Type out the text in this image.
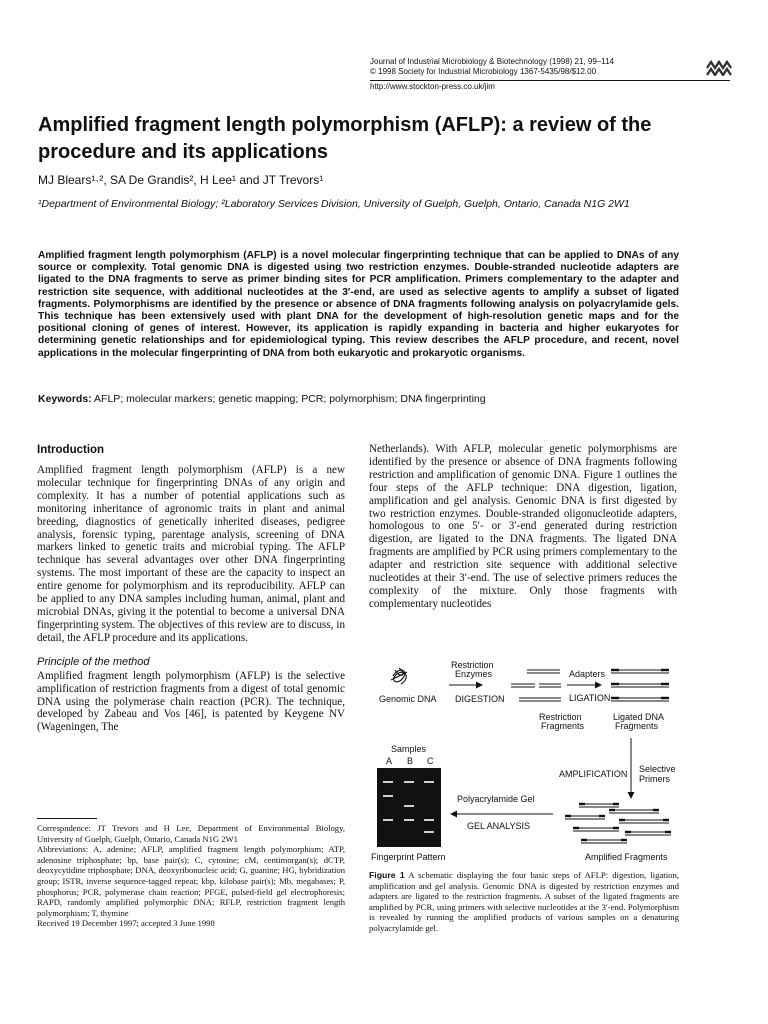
Journal of Industrial Microbiology & Biotechnology (1998) 21, 99–114
© 1998 Society for Industrial Microbiology 1367-5435/98/$12.00
http://www.stockton-press.co.uk/jim
Amplified fragment length polymorphism (AFLP): a review of the procedure and its applications
MJ Blears¹·², SA De Grandis², H Lee¹ and JT Trevors¹
¹Department of Environmental Biology; ²Laboratory Services Division, University of Guelph, Guelph, Ontario, Canada N1G 2W1

Amplified fragment length polymorphism (AFLP) is a novel molecular fingerprinting technique that can be applied to DNAs of any source or complexity. Total genomic DNA is digested using two restriction enzymes. Double-stranded nucleotide adapters are ligated to the DNA fragments to serve as primer binding sites for PCR amplification. Primers complementary to the adapter and restriction site sequence, with additional nucleotides at the 3′-end, are used as selective agents to amplify a subset of ligated fragments. Polymorphisms are identified by the presence or absence of DNA fragments following analysis on polyacrylamide gels. This technique has been extensively used with plant DNA for the development of high-resolution genetic maps and for the positional cloning of genes of interest. However, its application is rapidly expanding in bacteria and higher eukaryotes for determining genetic relationships and for epidemiological typing. This review describes the AFLP procedure, and recent, novel applications in the molecular fingerprinting of DNA from both eukaryotic and prokaryotic organisms.

Keywords: AFLP; molecular markers; genetic mapping; PCR; polymorphism; DNA fingerprinting
Introduction

Amplified fragment length polymorphism (AFLP) is a new molecular technique for fingerprinting DNAs of any origin and complexity. It has a number of potential applications such as monitoring inheritance of agronomic traits in plant and animal breeding, diagnostics of genetically inherited diseases, pedigree analysis, forensic typing, parentage analysis, screening of DNA markers linked to genetic traits and microbial typing. The AFLP technique has several advantages over other DNA fingerprinting systems. The most important of these are the capacity to inspect an entire genome for polymorphism and its reproducibility. AFLP can be applied to any DNA samples including human, animal, plant and microbial DNAs, giving it the potential to become a universal DNA fingerprinting system. The objectives of this review are to discuss, in detail, the AFLP procedure and its applications.

Principle of the method

Amplified fragment length polymorphism (AFLP) is the selective amplification of restriction fragments from a digest of total genomic DNA using the polymerase chain reaction (PCR). The technique, developed by Zabeau and Vos [46], is patented by Keygene NV (Wageningen, The

Correspndence: JT Trevors and H Lee, Department of Environmental Biology, University of Guelph, Guelph, Ontario, Canada N1G 2W1

Abbreviations: A, adenine; AFLP, amplified fragment length polymorphism; ATP, adenosine triphosphate; bp, base pair(s); C, cytosine; cM, centimorgan(s); dCTP, deoxycytidine triphosphate; DNA, deoxyribonucleic acid; G, guanine; HG, hybridization group; ISTR, inverse sequence-tagged repeat; kbp, kilobase pair(s); Mb, megabases; P, phosphorus; PCR, polymerase chain reaction; PFGE, pulsed-field gel electrophoresis; RAPD, randomly amplified polymorphic DNA; RFLP, restriction fragment length polymorphism; T, thymine

Received 19 December 1997; accepted 3 June 1998

Netherlands). With AFLP, molecular genetic polymorphisms are identified by the presence or absence of DNA fragments following restriction and amplification of genomic DNA. Figure 1 outlines the four steps of the AFLP technique: DNA digestion, ligation, amplification and gel analysis. Genomic DNA is first digested by two restriction enzymes. Double-stranded oligonucleotide adapters, homologous to one 5′- or 3′-end generated during restriction digestion, are ligated to the DNA fragments. The ligated DNA fragments are amplified by PCR using primers complementary to the adapter and restriction site sequence with additional selective nucleotides at their 3′-end. The use of selective primers reduces the complexity of the mixture. Only those fragments with complementary nucleotides

Genomic DNA
Restriction
Enzymes
DIGESTION
Restriction
Fragments
Adapters
LIGATION
Ligated DNA
Fragments
AMPLIFICATION Selective
Primers
Amplified Fragments
Polyacrylamide Gel
GEL ANALYSIS
Samples
A B C
Fingerprint Pattern

Figure 1 A schematic displaying the four basic steps of AFLP: digestion, ligation, amplification and gel analysis. Genomic DNA is digested by restriction enzymes and adapters are ligated to the restriction fragments. A subset of the ligated fragments are amplified by PCR, using primers with selective nucleotides at the 3′-end. Polymorphism is revealed by running the amplified products of various samples on a denaturing polyacrylamide gel.
